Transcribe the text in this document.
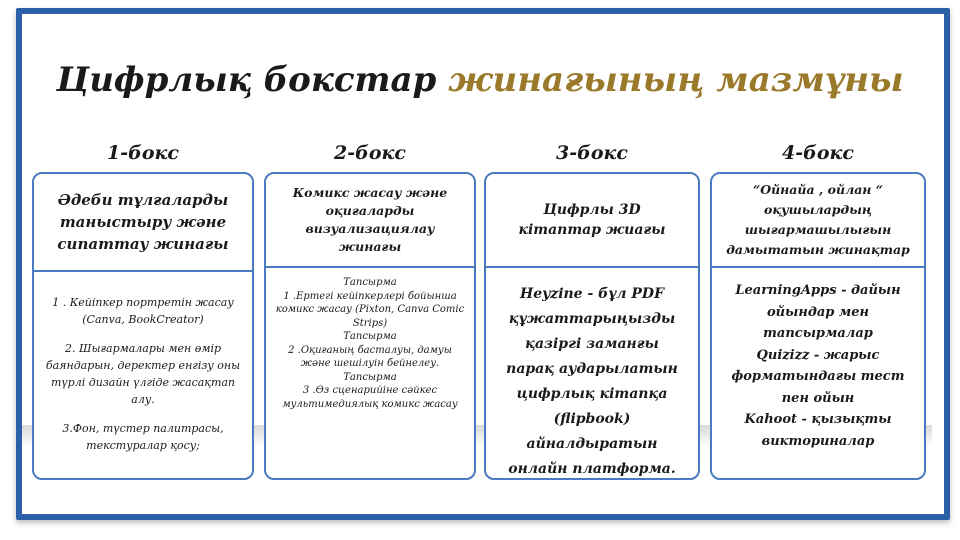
Цифрлық бокстар жинағының мазмұны
1-бокс	2-бокс	3-бокс	4-бокс
Әдеби тұлғаларды таныстыру және сипаттау жинағы

1 . Кейіпкер портретін жасау (Canva, BookCreator)

2. Шығармалары мен өмір баяндарын, деректер енгізу оны түрлі дизайн үлгіде жасақтап алу.

3.Фон, түстер палитрасы, текстуралар қосу;

Комикс жасау және оқиғаларды визуализациялау жинағы

Тапсырма

1 .Ертегі кейіпкерлері бойынша комикс жасау (Pixton, Canva Comic Strips)

Тапсырма

2 .Оқиғаның басталуы, дамуы және шешілуін бейнелеу.

Тапсырма

3 .Өз сценарийіне сәйкес мультимедиялық комикс жасау

Цифрлы 3D кітаптар жиағы
Heyzine - бұл PDF құжаттарыңызды қазіргі заманғы парақ аударылатын цифрлық кітапқа (flipbook) айналдыратын онлайн платформа.
“Ойнайа , ойлан “ оқушылардың шығармашылығын дамытатын жинақтар

LearningApps - дайын ойындар мен тапсырмалар

Quizizz - жарыс форматындағы тест пен ойын

Kahoot - қызықты викториналар
